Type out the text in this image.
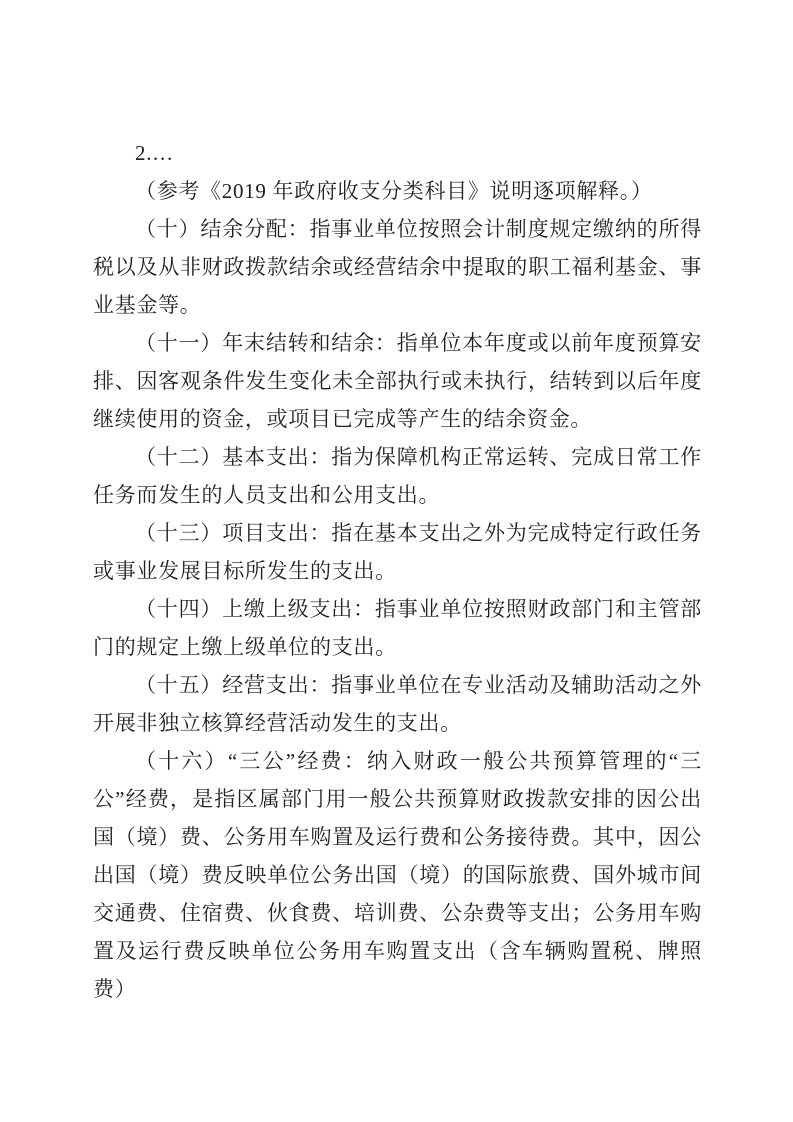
2.…

（参考《2019 年政府收支分类科目》说明逐项解释。）

（十）结余分配：指事业单位按照会计制度规定缴纳的所得税以及从非财政拨款结余或经营结余中提取的职工福利基金、事业基金等。

（十一）年末结转和结余：指单位本年度或以前年度预算安排、因客观条件发生变化未全部执行或未执行，结转到以后年度继续使用的资金，或项目已完成等产生的结余资金。

（十二）基本支出：指为保障机构正常运转、完成日常工作任务而发生的人员支出和公用支出。

（十三）项目支出：指在基本支出之外为完成特定行政任务或事业发展目标所发生的支出。

（十四）上缴上级支出：指事业单位按照财政部门和主管部门的规定上缴上级单位的支出。

（十五）经营支出：指事业单位在专业活动及辅助活动之外开展非独立核算经营活动发生的支出。

（十六）“三公”经费：纳入财政一般公共预算管理的“三公”经费，是指区属部门用一般公共预算财政拨款安排的因公出国（境）费、公务用车购置及运行费和公务接待费。其中，因公出国（境）费反映单位公务出国（境）的国际旅费、国外城市间交通费、住宿费、伙食费、培训费、公杂费等支出；公务用车购置及运行费反映单位公务用车购置支出（含车辆购置税、牌照费）
